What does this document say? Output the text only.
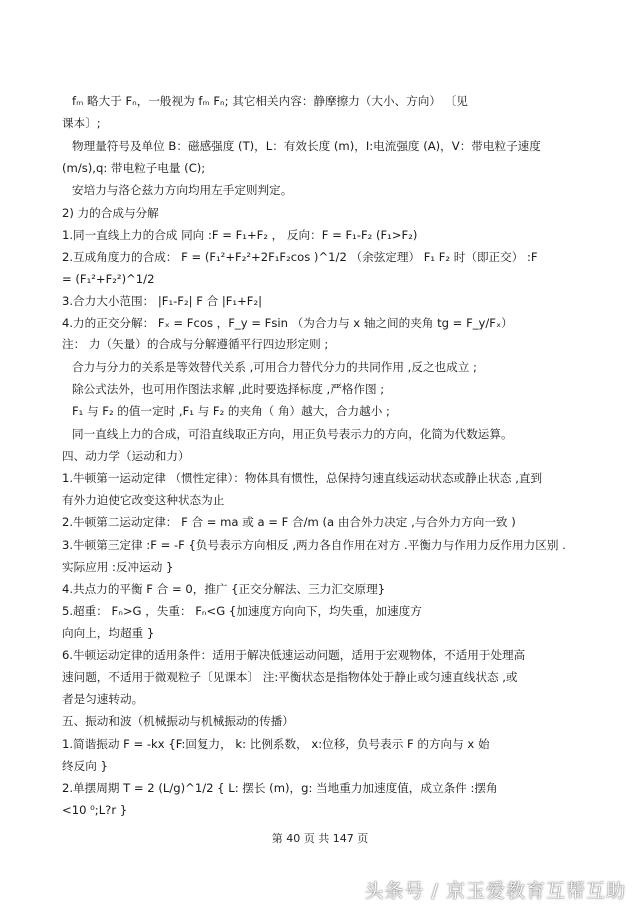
fₘ 略大于 Fₙ，一般视为 fₘ Fₙ; 其它相关内容：静摩擦力（大小、方向） 〔见
课本〕;
物理量符号及单位 B：磁感强度 (T)，L：有效长度 (m)，I:电流强度 (A)，V：带电粒子速度
(m/s),q: 带电粒子电量 (C);
安培力与洛仑兹力方向均用左手定则判定。
2) 力的合成与分解
1.同一直线上力的合成 同向 :F = F₁+F₂ ， 反向：F = F₁-F₂ (F₁>F₂)
2.互成角度力的合成： F = (F₁²+F₂²+2F₁F₂cos )^1/2 （余弦定理） F₁ F₂ 时（即正交） :F
= (F₁²+F₂²)^1/2
3.合力大小范围： |F₁-F₂| F 合 |F₁+F₂|
4.力的正交分解： Fₓ = Fcos ，F_y = Fsin （为合力与 x 轴之间的夹角 tg = F_y/Fₓ）
注： 力（矢量）的合成与分解遵循平行四边形定则 ;
合力与分力的关系是等效替代关系 ,可用合力替代分力的共同作用 ,反之也成立 ;
除公式法外，也可用作图法求解 ,此时要选择标度 ,严格作图 ;
F₁ 与 F₂ 的值一定时 ,F₁ 与 F₂ 的夹角（ 角）越大，合力越小 ;
同一直线上力的合成，可沿直线取正方向，用正负号表示力的方向，化简为代数运算。
四、动力学（运动和力）
1.牛顿第一运动定律 （惯性定律）：物体具有惯性，总保持匀速直线运动状态或静止状态 ,直到
有外力迫使它改变这种状态为止
2.牛顿第二运动定律： F 合 = ma 或 a = F 合/m (a 由合外力决定 ,与合外力方向一致 )
3.牛顿第三定律 :F = -F {负号表示方向相反 ,两力各自作用在对方 .平衡力与作用力反作用力区别 .
实际应用 :反冲运动 }
4.共点力的平衡 F 合 = 0，推广 {正交分解法、三力汇交原理}
5.超重： Fₙ>G ，失重： Fₙ<G {加速度方向向下，均失重，加速度方
向向上，均超重 }
6.牛顿运动定律的适用条件：适用于解决低速运动问题，适用于宏观物体，不适用于处理高
速问题，不适用于微观粒子〔见课本〕 注:平衡状态是指物体处于静止或匀速直线状态 ,或
者是匀速转动。
五、振动和波（机械振动与机械振动的传播）
1.简谐振动 F = -kx {F:回复力， k: 比例系数， x:位移，负号表示 F 的方向与 x 始
终反向 }
2.单摆周期 T = 2 (L/g)^1/2 { L: 摆长 (m)，g: 当地重力加速度值，成立条件 :摆角
<10 ⁰;L?r }
第 40 页 共 147 页
头条号 / 京玉爱教育互帮互助
